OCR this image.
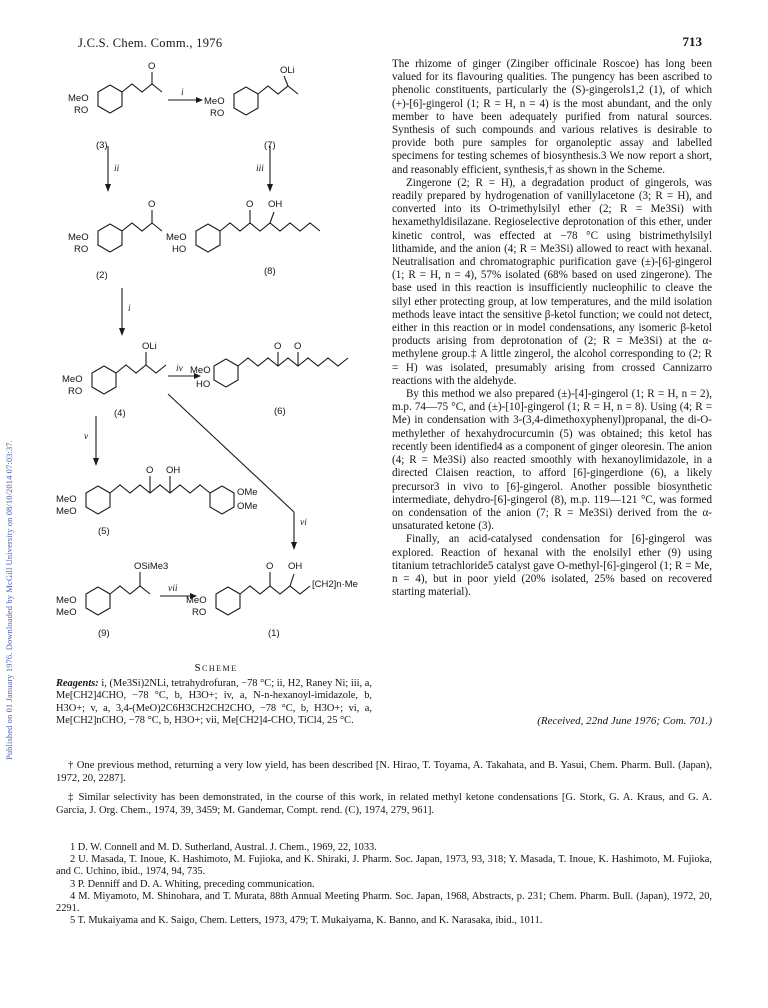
Published on 01 January 1976. Downloaded by McGill University on 08/10/2014 07:03:37.
J.C.S. Chem. Comm., 1976	713
MeO
RO
O
MeO
RO
OLi
MeO
RO
O
MeO
HO
O OH
MeO
RO
OLi
MeO
HO
O O
MeO
MeO
O OH
OMe
OMe
MeO
MeO
OSiMe3
MeO
RO
O OH
[CH2]n·Me
(3)	(7)
(2)	(8)
(4)	(6)
(5)
(9)	(1)
i
ii	iii
i
iv
v
vi
vii
Scheme
Reagents: i, (Me3Si)2NLi, tetrahydrofuran, −78 °C; ii, H2, Raney Ni; iii, a, Me[CH2]4CHO, −78 °C, b, H3O+; iv, a, N-n-hexanoyl-imidazole, b, H3O+; v, a, 3,4-(MeO)2C6H3CH2CH2CHO, −78 °C, b, H3O+; vi, a, Me[CH2]nCHO, −78 °C, b, H3O+; vii, Me[CH2]4-CHO, TiCl4, 25 °C.

The rhizome of ginger (Zingiber officinale Roscoe) has long been valued for its flavouring qualities. The pungency has been ascribed to phenolic constituents, particularly the (S)-gingerols1,2 (1), of which (+)-[6]-gingerol (1; R = H, n = 4) is the most abundant, and the only member to have been adequately purified from natural sources. Synthesis of such compounds and various relatives is desirable to provide both pure samples for organoleptic assay and labelled specimens for testing schemes of biosynthesis.3 We now report a short, and reasonably efficient, synthesis,† as shown in the Scheme.

Zingerone (2; R = H), a degradation product of gingerols, was readily prepared by hydrogenation of vanillylacetone (3; R = H), and converted into its O-trimethylsilyl ether (2; R = Me3Si) with hexamethyldisilazane. Regioselective deprotonation of this ether, under kinetic control, was effected at −78 °C using bistrimethylsilyl lithamide, and the anion (4; R = Me3Si) allowed to react with hexanal. Neutralisation and chromatographic purification gave (±)-[6]-gingerol (1; R = H, n = 4), 57% isolated (68% based on used zingerone). The base used in this reaction is insufficiently nucleophilic to cleave the silyl ether protecting group, at low temperatures, and the mild isolation methods leave intact the sensitive β-ketol function; we could not detect, either in this reaction or in model condensations, any isomeric β-ketol products arising from deprotonation of (2; R = Me3Si) at the α-methylene group.‡ A little zingerol, the alcohol corresponding to (2; R = H) was isolated, presumably arising from crossed Cannizarro reactions with the aldehyde.

By this method we also prepared (±)-[4]-gingerol (1; R = H, n = 2), m.p. 74—75 °C, and (±)-[10]-gingerol (1; R = H, n = 8). Using (4; R = Me) in condensation with 3-(3,4-dimethoxyphenyl)propanal, the di-O-methylether of hexahydrocurcumin (5) was obtained; this ketol has recently been identified4 as a component of ginger oleoresin. The anion (4; R = Me3Si) also reacted smoothly with hexanoylimidazole, in a directed Claisen reaction, to afford [6]-gingerdione (6), a likely precursor3 in vivo to [6]-gingerol. Another possible biosynthetic intermediate, dehydro-[6]-gingerol (8), m.p. 119—121 °C, was formed on condensation of the anion (7; R = Me3Si) derived from the α-unsaturated ketone (3).

Finally, an acid-catalysed condensation for [6]-gingerol was explored. Reaction of hexanal with the enolsilyl ether (9) using titanium tetrachloride5 catalyst gave O-methyl-[6]-gingerol (1; R = Me, n = 4), but in poor yield (20% isolated, 25% based on recovered starting material).

(Received, 22nd June 1976; Com. 701.)

† One previous method, returning a very low yield, has been described [N. Hirao, T. Toyama, A. Takahata, and B. Yasui, Chem. Pharm. Bull. (Japan), 1972, 20, 2287].

‡ Similar selectivity has been demonstrated, in the course of this work, in related methyl ketone condensations [G. Stork, G. A. Kraus, and G. A. Garcia, J. Org. Chem., 1974, 39, 3459; M. Gandemar, Compt. rend. (C), 1974, 279, 961].

1 D. W. Connell and M. D. Sutherland, Austral. J. Chem., 1969, 22, 1033.

2 U. Masada, T. Inoue, K. Hashimoto, M. Fujioka, and K. Shiraki, J. Pharm. Soc. Japan, 1973, 93, 318; Y. Masada, T. Inoue, K. Hashimoto, M. Fujioka, and C. Uchino, ibid., 1974, 94, 735.

3 P. Denniff and D. A. Whiting, preceding communication.

4 M. Miyamoto, M. Shinohara, and T. Murata, 88th Annual Meeting Pharm. Soc. Japan, 1968, Abstracts, p. 231; Chem. Pharm. Bull. (Japan), 1972, 20, 2291.

5 T. Mukaiyama and K. Saigo, Chem. Letters, 1973, 479; T. Mukaiyama, K. Banno, and K. Narasaka, ibid., 1011.
